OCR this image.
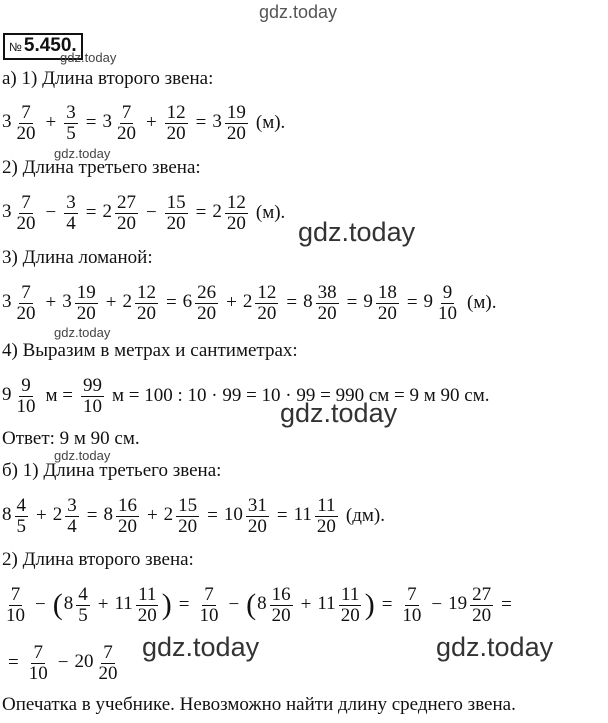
gdz.today
№ 5.450.
gdz.today
а) 1) Длина второго звена:
$3 \frac{7}{20} + \frac{3}{5} = 3 \frac{7}{20} + \frac{12}{20} = 3 \frac{19}{20} (м)$.
gdz.today
2) Длина третьего звена:
$3 \frac{7}{20} - \frac{3}{4} = 2 \frac{27}{20} - \frac{15}{20} = 2 \frac{12}{20} (м)$.
gdz.today
3) Длина ломаной:
$3 \frac{7}{20} + 3 \frac{19}{20} + 2 \frac{12}{20} = 6 \frac{26}{20} + 2 \frac{12}{20} = 8 \frac{38}{20} = 9 \frac{18}{20} = 9 \frac{9}{10} (м)$.
gdz.today
4) Выразим в метрах и сантиметрах:
$9 \frac{9}{10}$ $м = \frac{99}{10}$ м = 100 : 10 · 99 = 10 · 99 = 990 см = 9 м 90 см.
gdz.today
Ответ: 9 м 90 см.
gdz.today
б) 1) Длина третьего звена:
$8 \frac{4}{5} + 2 \frac{3}{4} = 8 \frac{16}{20} + 2 \frac{15}{20} = 10 \frac{31}{20} = 11 \frac{11}{20} (дм)$.
2) Длина второго звена:
$\frac{7}{10}$ − ( $8 \frac{4}{5} + 11 \frac{11}{20}$ ) = $\frac{7}{10}$ − ( $8 \frac{16}{20} + 11 \frac{11}{20}$ ) = $\frac{7}{10} - 19 \frac{27}{20}$ =
gdz.today	gdz.today
= $\frac{7}{10} - 20 \frac{7}{20}$
Опечатка в учебнике. Невозможно найти длину среднего звена.
